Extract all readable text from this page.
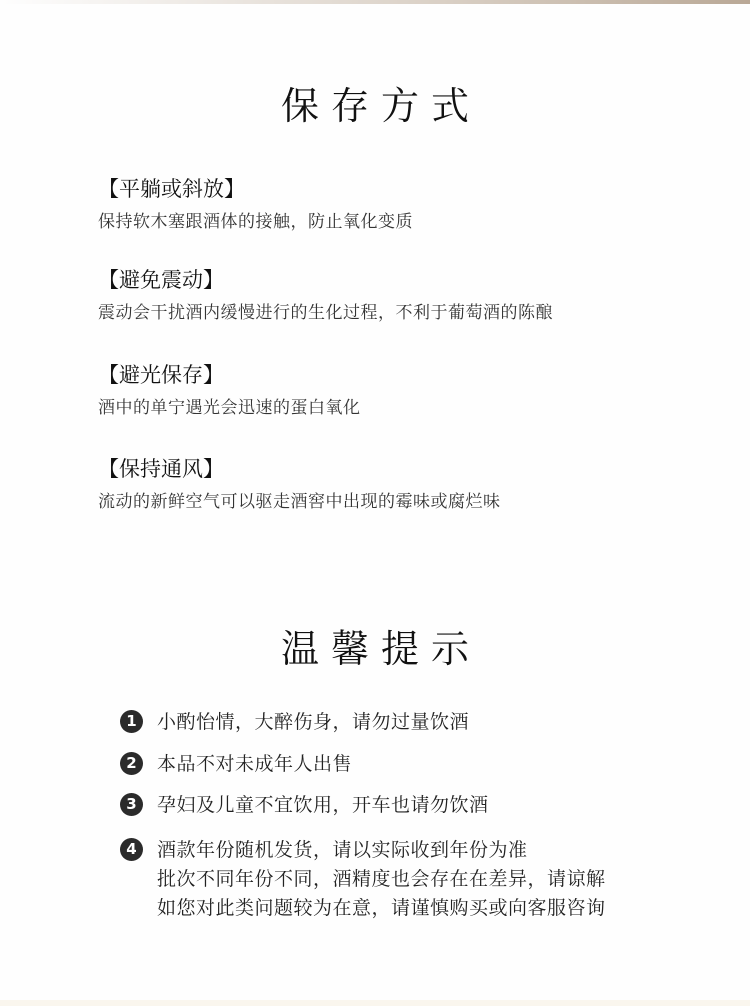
保存方式
【平躺或斜放】
保持软木塞跟酒体的接触，防止氧化变质
【避免震动】
震动会干扰酒内缓慢进行的生化过程，不利于葡萄酒的陈酿
【避光保存】
酒中的单宁遇光会迅速的蛋白氧化
【保持通风】
流动的新鲜空气可以驱走酒窖中出现的霉味或腐烂味
温馨提示
1	小酌怡情，大醉伤身，请勿过量饮酒
2	本品不对未成年人出售
3	孕妇及儿童不宜饮用，开车也请勿饮酒
4	酒款年份随机发货，请以实际收到年份为准
批次不同年份不同，酒精度也会存在在差异，请谅解
如您对此类问题较为在意，请谨慎购买或向客服咨询
